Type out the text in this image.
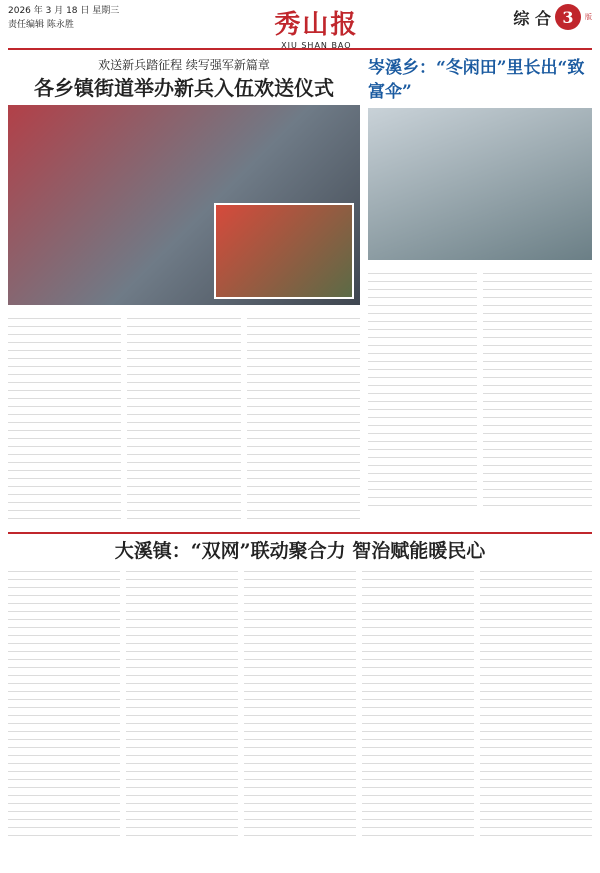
2026 年 3 月 18 日 星期三
责任编辑 陈永胜	秀山报
XIU SHAN BAO
综 合 3	版
欢送新兵踏征程 续写强军新篇章
各乡镇街道举办新兵入伍欢送仪式
岑溪乡：“冬闲田”里长出“致富伞”
大溪镇：“双网”联动聚合力 智治赋能暖民心
